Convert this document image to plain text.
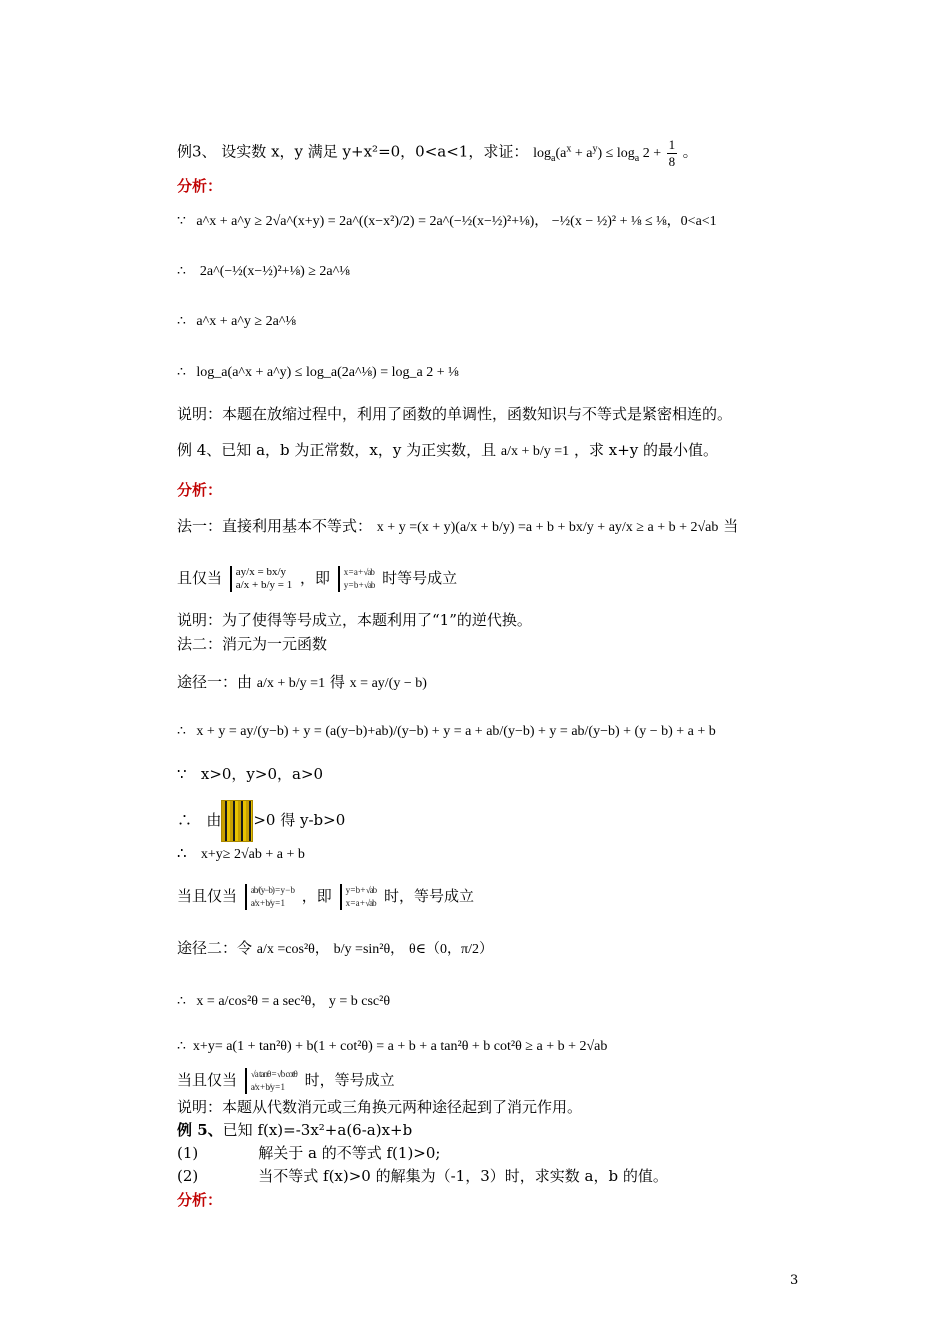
例3、 设实数 x，y 满足 y+x²=0，0<a<1，求证： $\log_a(a^x + a^y) \le \log_a 2 + \frac{1}{8}$ 。
分析：
∵ a^x + a^y ≥ 2√a^(x+y) = 2a^((x−x²)/2) = 2a^(−½(x−½)²+⅛)， −½(x − ½)² + ⅛ ≤ ⅛，0<a<1
∴ 2a^(−½(x−½)²+⅛) ≥ 2a^⅛
∴ a^x + a^y ≥ 2a^⅛
∴ log_a(a^x + a^y) ≤ log_a(2a^⅛) = log_a 2 + ⅛
说明：本题在放缩过程中，利用了函数的单调性，函数知识与不等式是紧密相连的。
例 4、已知 a，b 为正常数，x，y 为正实数，且 a/x + b/y =1 ，求 x+y 的最小值。
分析：
法一：直接利用基本不等式： x + y =(x + y)(a/x + b/y) =a + b + bx/y + ay/x ≥ a + b + 2√ab 当
且仅当 ay/x = bx/y
a/x + b/y = 1 ，即 x = a + √ab
y = b + √ab 时等号成立
说明：为了使得等号成立，本题利用了“1”的逆代换。
法二：消元为一元函数
途径一：由 a/x + b/y =1 得 x = ay/(y − b)
∴ x + y = ay/(y−b) + y = (a(y−b)+ab)/(y−b) + y = a + ab/(y−b) + y = ab/(y−b) + (y − b) + a + b
∵ x>0，y>0，a>0
∴ 由 >0 得 y-b>0
∴ x+y≥ 2√ab + a + b
当且仅当 ab/(y−b) = y − b
a/x + b/y = 1	，即 y = b + √ab
x = a + √ab 时，等号成立
途径二：令 a/x =cos²θ， b/y =sin²θ， θ∈（0，π/2）
∴ x = a/cos²θ = a sec²θ， y = b csc²θ
∴ x+y= a(1 + tan²θ) + b(1 + cot²θ) = a + b + a tan²θ + b cot²θ ≥ a + b + 2√ab
当且仅当 √a tanθ = √b cotθ
a/x + b/y = 1	时，等号成立
说明：本题从代数消元或三角换元两种途径起到了消元作用。
例 5、已知 f(x)=-3x²+a(6-a)x+b
(1)	解关于 a 的不等式 f(1)>0;
(2)	当不等式 f(x)>0 的解集为（-1，3）时，求实数 a，b 的值。
分析：
3
